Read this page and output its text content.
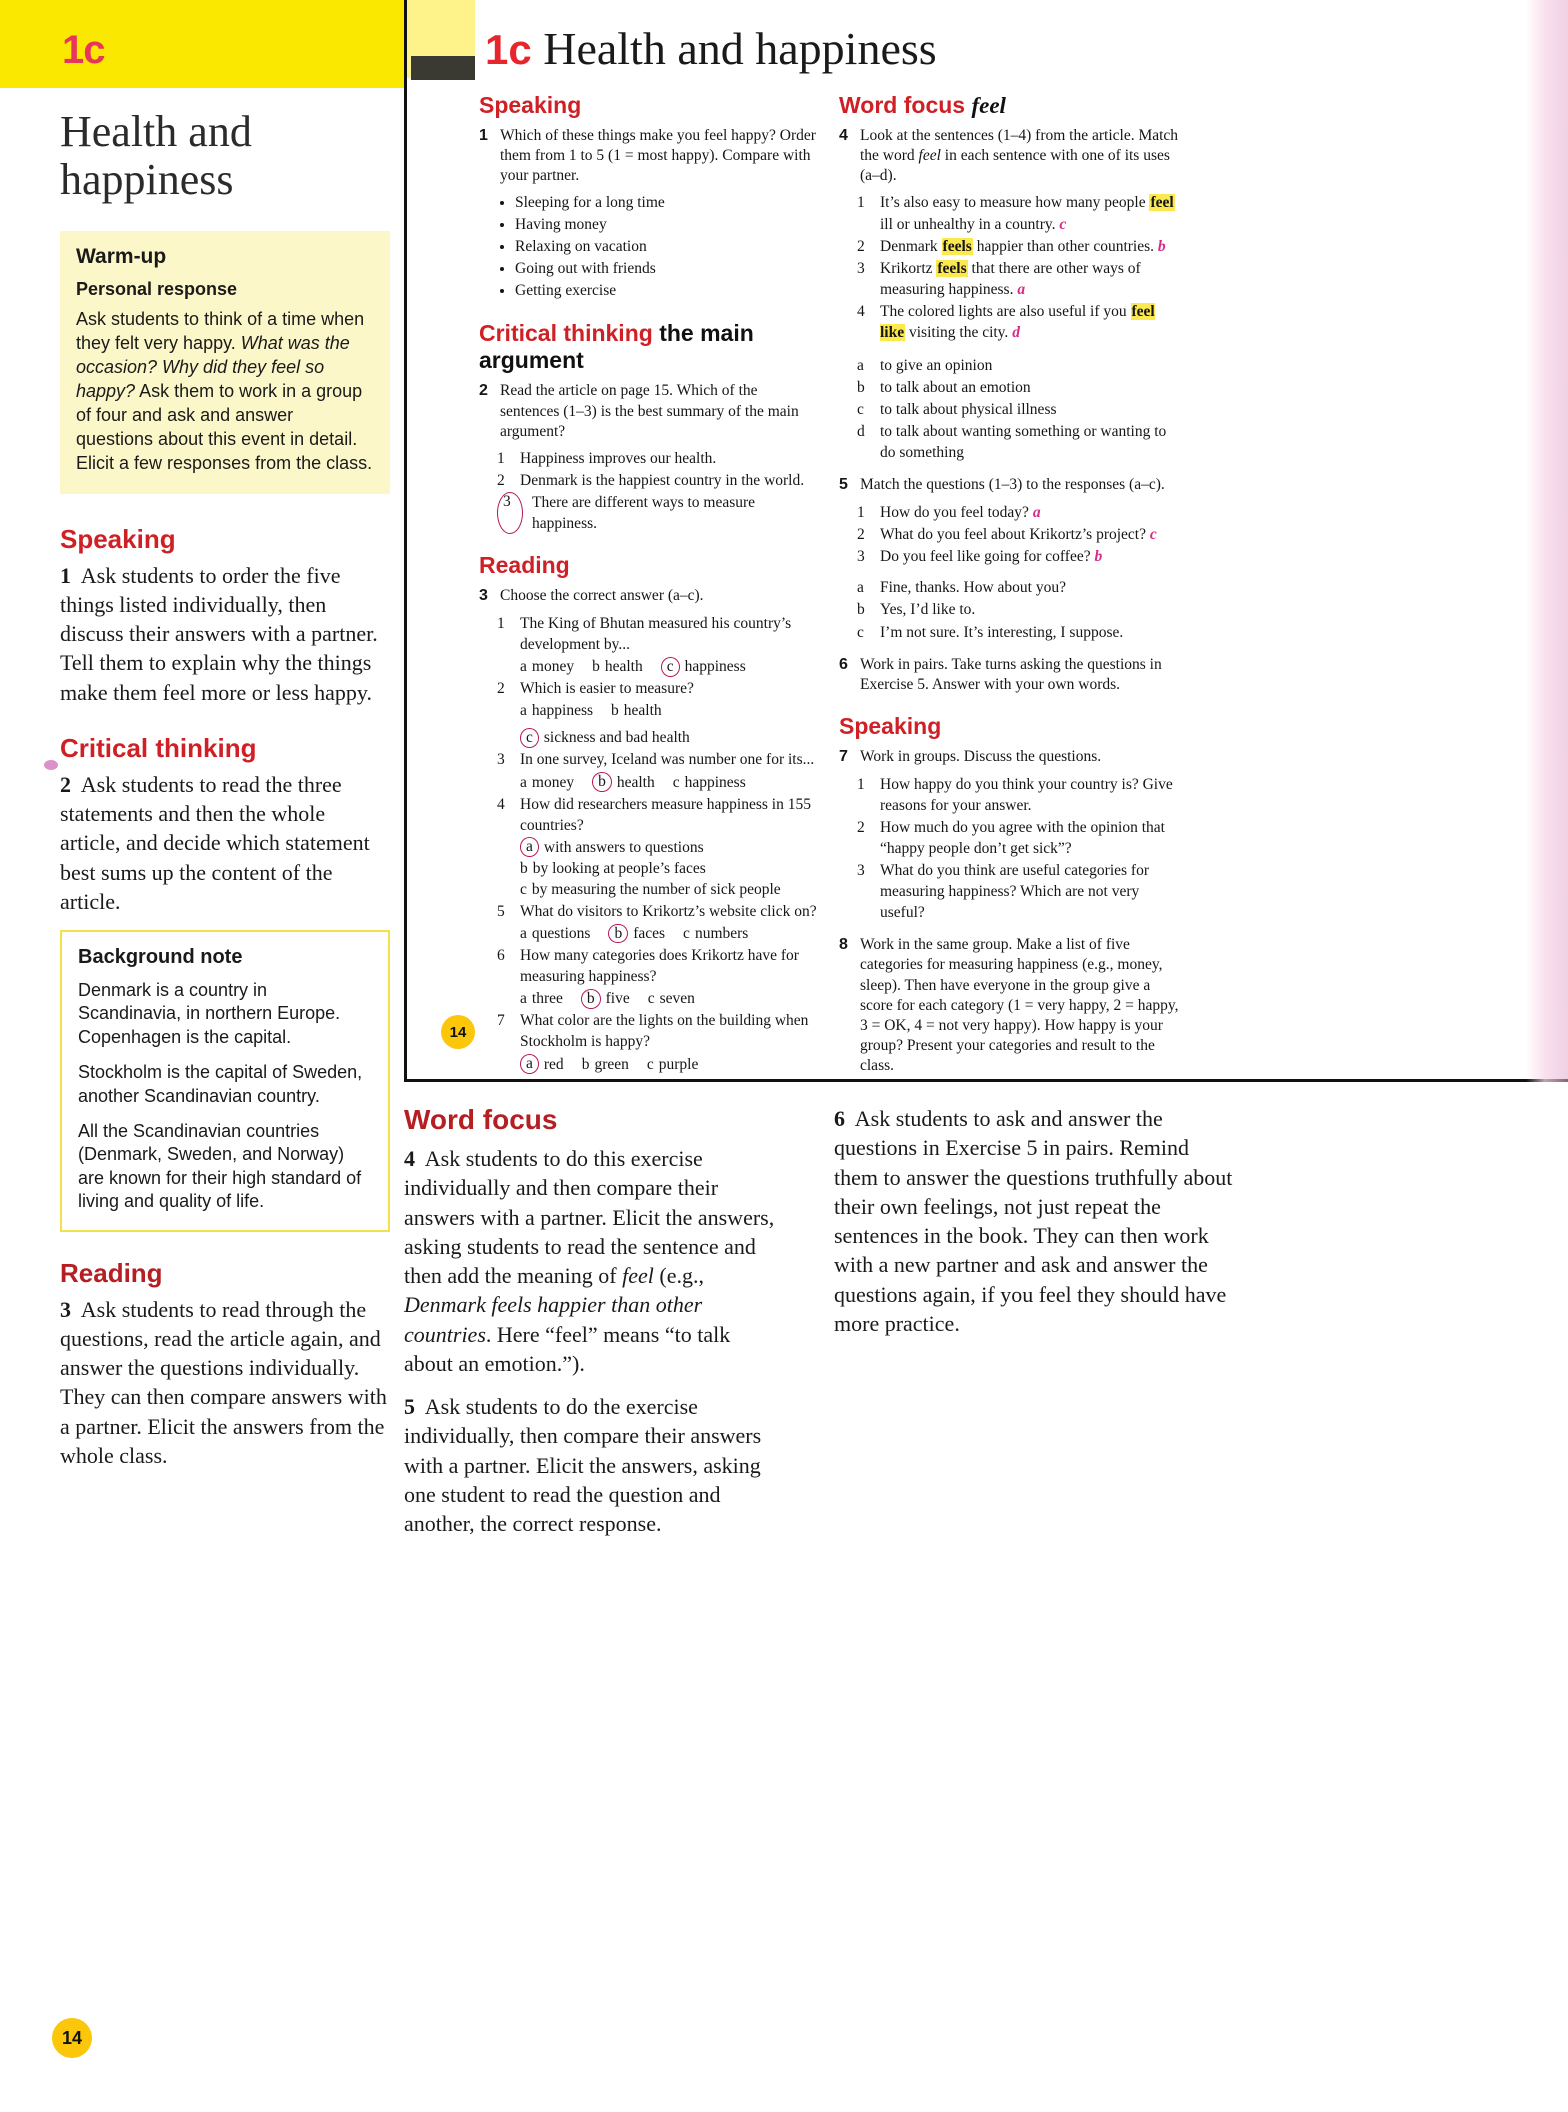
1c
Health and happiness
Warm-up
Personal response
Ask students to think of a time when they felt very happy. What was the occasion? Why did they feel so happy? Ask them to work in a group of four and ask and answer questions about this event in detail. Elicit a few responses from the class.
Speaking

1 Ask students to order the five things listed individually, then discuss their answers with a partner. Tell them to explain why the things make them feel more or less happy.

Critical thinking

2 Ask students to read the three statements and then the whole article, and decide which statement best sums up the content of the article.

Background note

Denmark is a country in Scandinavia, in northern Europe. Copenhagen is the capital.

Stockholm is the capital of Sweden, another Scandinavian country.

All the Scandinavian countries (Denmark, Sweden, and Norway) are known for their high standard of living and quality of life.

Reading

3 Ask students to read through the questions, read the article again, and answer the questions individually. They can then compare answers with a partner. Elicit the answers from the whole class.

1c Health and happiness
Speaking
1 Which of these things make you feel happy? Order them from 1 to 5 (1 = most happy). Compare with your partner.
• Sleeping for a long time
• Having money
• Relaxing on vacation
• Going out with friends
• Getting exercise
Critical thinking the main argument
2 Read the article on page 15. Which of the sentences (1–3) is the best summary of the main argument?
1 Happiness improves our health.
2 Denmark is the happiest country in the world.
3	There are different ways to measure happiness.
Reading
3 Choose the correct answer (a–c).
1 The King of Bhutan measured his country’s development by...
a money b health	c happiness
2 Which is easier to measure?
a happiness b health
c sickness and bad health
3 In one survey, Iceland was number one for its...
a money	b health c happiness
4 How did researchers measure happiness in 155 countries?
a with answers to questions
b by looking at people’s faces
c by measuring the number of sick people
5 What do visitors to Krikortz’s website click on?
a questions	b faces c numbers
6 How many categories does Krikortz have for measuring happiness?
a three	b five c seven
7 What color are the lights on the building when Stockholm is happy?
a red b green c purple
Word focus feel
4 Look at the sentences (1–4) from the article. Match the word feel in each sentence with one of its uses (a–d).
1 It’s also easy to measure how many people feel ill or unhealthy in a country. c
2 Denmark feels happier than other countries. b
3 Krikortz feels that there are other ways of measuring happiness. a
4 The colored lights are also useful if you feel like visiting the city. d
a	to give an opinion
b to talk about an emotion
c	to talk about physical illness
d to talk about wanting something or wanting to do something
5 Match the questions (1–3) to the responses (a–c).
1 How do you feel today? a
2 What do you feel about Krikortz’s project? c
3 Do you feel like going for coffee? b
a	Fine, thanks. How about you?
b Yes, I’d like to.
c	I’m not sure. It’s interesting, I suppose.
6 Work in pairs. Take turns asking the questions in Exercise 5. Answer with your own words.
Speaking
7 Work in groups. Discuss the questions.
1 How happy do you think your country is? Give reasons for your answer.
2 How much do you agree with the opinion that “happy people don’t get sick”?
3 What do you think are useful categories for measuring happiness? Which are not very useful?
8 Work in the same group. Make a list of five categories for measuring happiness (e.g., money, sleep). Then have everyone in the group give a score for each category (1 = very happy, 2 = happy, 3 = OK, 4 = not very happy). How happy is your group? Present your categories and result to the class.
14
Word focus

4 Ask students to do this exercise individually and then compare their answers with a partner. Elicit the answers, asking students to read the sentence and then add the meaning of feel (e.g., Denmark feels happier than other countries. Here “feel” means “to talk about an emotion.”).

5 Ask students to do the exercise individually, then compare their answers with a partner. Elicit the answers, asking one student to read the question and another, the correct response.

6 Ask students to ask and answer the questions in Exercise 5 in pairs. Remind them to answer the questions truthfully about their own feelings, not just repeat the sentences in the book. They can then work with a new partner and ask and answer the questions again, if you feel they should have more practice.

14
